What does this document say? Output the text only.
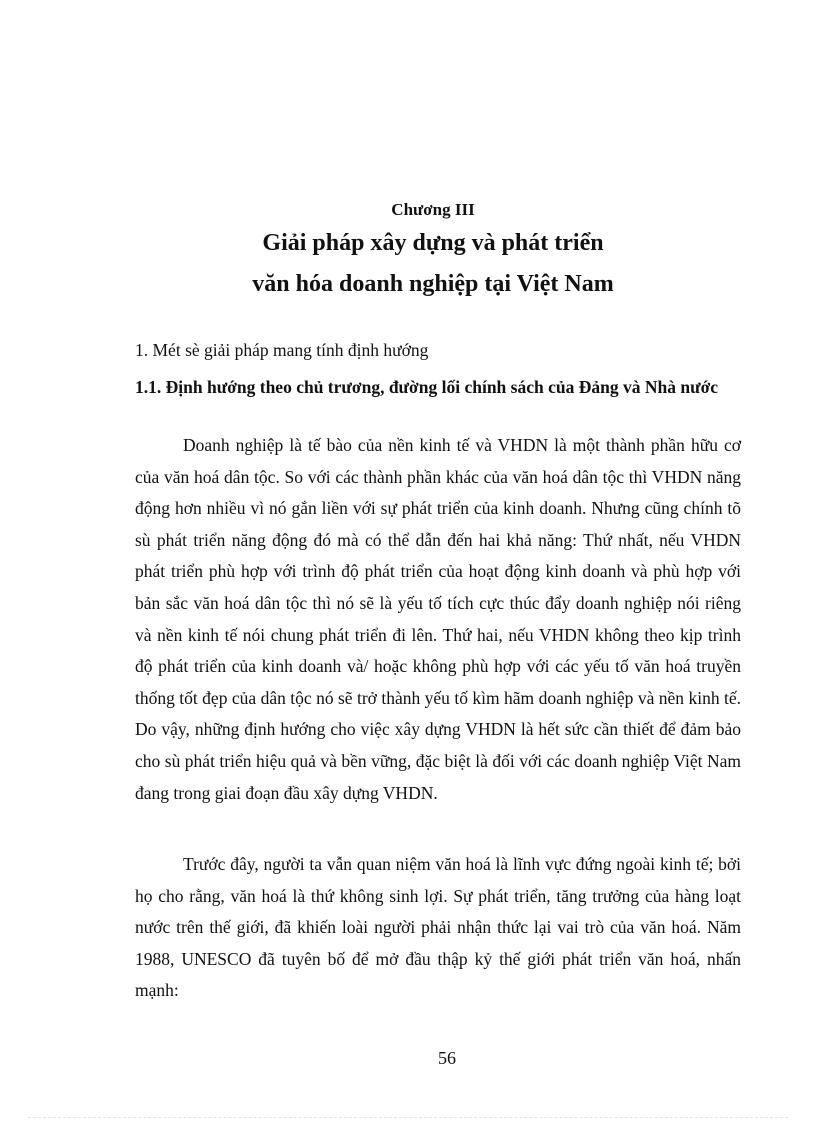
Chương III
Giải pháp xây dựng và phát triển
văn hóa doanh nghiệp tại Việt Nam
1. Mét sè giải pháp mang tính định hướng
1.1. Định hướng theo chủ trương, đường lối chính sách của Đảng và Nhà nước

Doanh nghiệp là tế bào của nền kinh tế và VHDN là một thành phần hữu cơ của văn hoá dân tộc. So với các thành phần khác của văn hoá dân tộc thì VHDN năng động hơn nhiều vì nó gắn liền với sự phát triển của kinh doanh. Nhưng cũng chính tõ sù phát triển năng động đó mà có thể dẫn đến hai khả năng: Thứ nhất, nếu VHDN phát triển phù hợp với trình độ phát triển của hoạt động kinh doanh và phù hợp với bản sắc văn hoá dân tộc thì nó sẽ là yếu tố tích cực thúc đẩy doanh nghiệp nói riêng và nền kinh tế nói chung phát triển đi lên. Thứ hai, nếu VHDN không theo kịp trình độ phát triển của kinh doanh và/ hoặc không phù hợp với các yếu tố văn hoá truyền thống tốt đẹp của dân tộc nó sẽ trở thành yếu tố kìm hãm doanh nghiệp và nền kinh tế. Do vậy, những định hướng cho việc xây dựng VHDN là hết sức cần thiết để đảm bảo cho sù phát triển hiệu quả và bền vững, đặc biệt là đối với các doanh nghiệp Việt Nam đang trong giai đoạn đầu xây dựng VHDN.

Trước đây, người ta vẫn quan niệm văn hoá là lĩnh vực đứng ngoài kinh tế; bởi họ cho rằng, văn hoá là thứ không sinh lợi. Sự phát triển, tăng trưởng của hàng loạt nước trên thế giới, đã khiến loài người phải nhận thức lại vai trò của văn hoá. Năm 1988, UNESCO đã tuyên bố để mở đầu thập kỷ thế giới phát triển văn hoá, nhấn mạnh:

56
